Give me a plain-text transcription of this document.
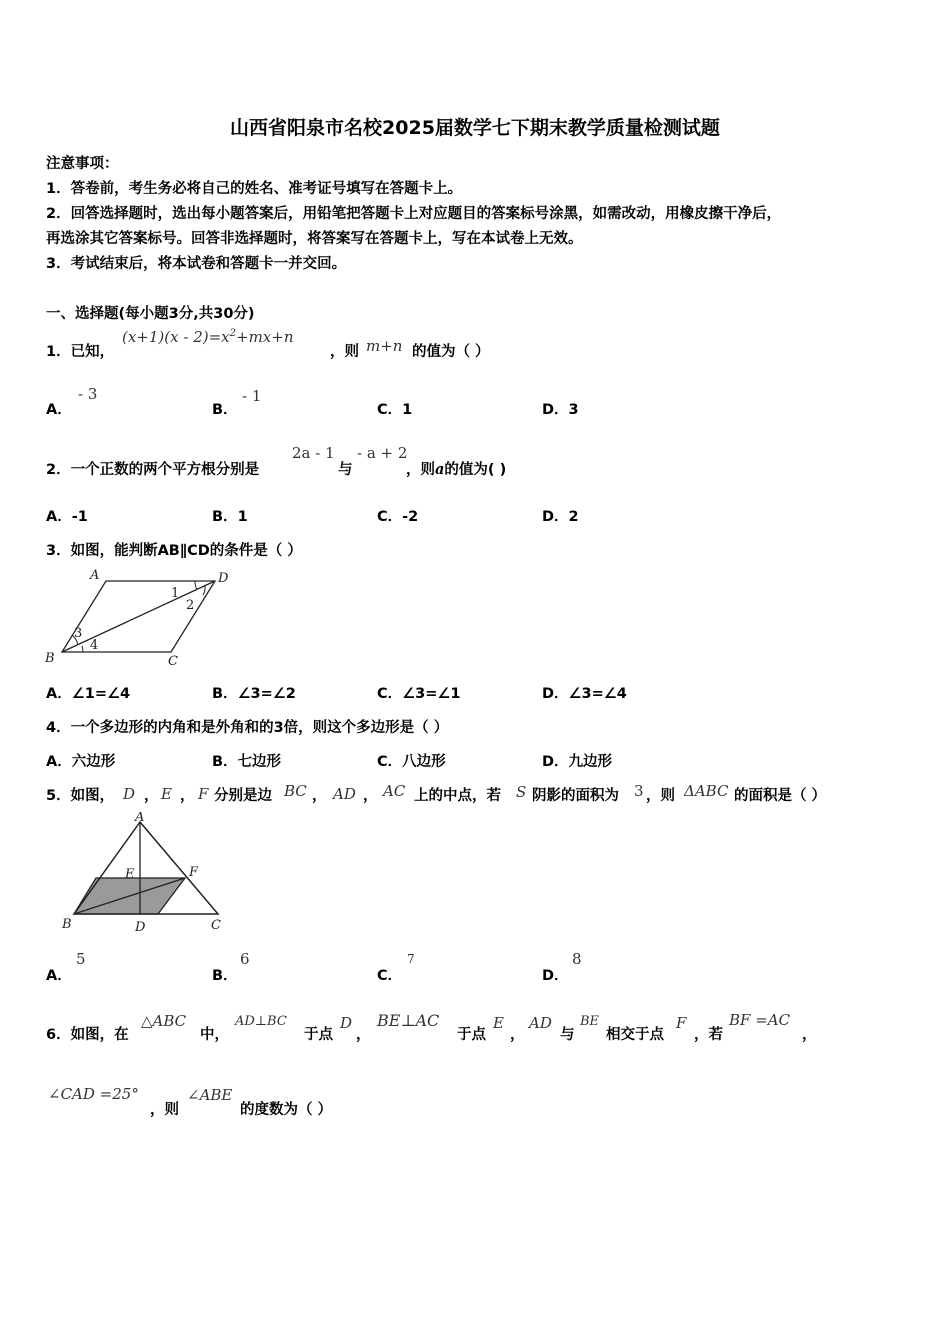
山西省阳泉市名校2025届数学七下期末教学质量检测试题
注意事项：
1．答卷前，考生务必将自己的姓名、准考证号填写在答题卡上。
2．回答选择题时，选出每小题答案后，用铅笔把答题卡上对应题目的答案标号涂黑，如需改动，用橡皮擦干净后，
再选涂其它答案标号。回答非选择题时，将答案写在答题卡上，写在本试卷上无效。
3．考试结束后，将本试卷和答题卡一并交回。
一、选择题(每小题3分,共30分)
1．已知，
$(x+1)(x - 2)=x^2+mx+n$
，则 m+n 的值为（ ）
A．
- 3
B．
- 1
C．1	D．3
2．一个正数的两个平方根分别是
2a - 1
与
- a + 2
，则a的值为( )
A．-1	B．1	C．-2	D．2
3．如图，能判断AB∥CD的条件是（ ）
A	D
B	C
1
2
3
4
A．∠1=∠4	B．∠3=∠2	C．∠3=∠1	D．∠3=∠4
4．一个多边形的内角和是外角和的3倍，则这个多边形是（ ）
A．六边形	B．七边形	C．八边形	D．九边形
5．如图， D ， E ， F 分别是边 BC ， AD ， AC 上的中点，若 S 阴影的面积为 3 ，则 ΔABC 的面积是（ ）
A
B	D	C
E	F
A．
5
B．
6
C．
7
D．
8
6．如图，在
△ABC
中，
AD⊥BC
于点
D
，
BE⊥AC
于点
E
，
AD
与
BE
相交于点
F
，若
BF =AC
，
∠CAD =25°
，则
∠ABE
的度数为（ ）
